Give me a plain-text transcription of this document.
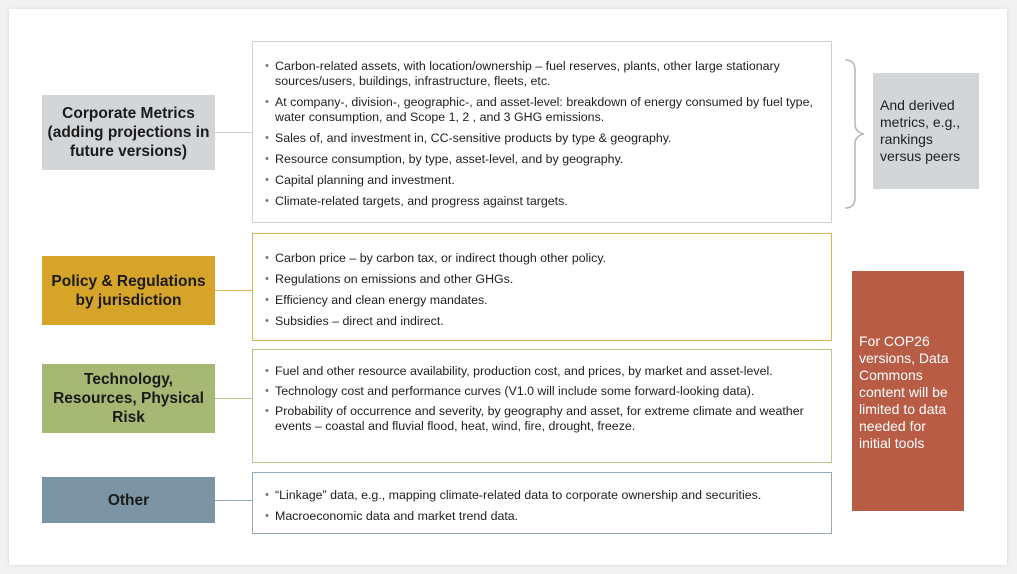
Corporate Metrics (adding projections in future versions)
• Carbon-related assets, with location/ownership – fuel reserves, plants, other large stationary sources/users, buildings, infrastructure, fleets, etc.
• At company-, division-, geographic-, and asset-level: breakdown of energy consumed by fuel type, water consumption, and Scope 1, 2 , and 3 GHG emissions.
• Sales of, and investment in, CC-sensitive products by type & geography.
• Resource consumption, by type, asset-level, and by geography.
• Capital planning and investment.
• Climate-related targets, and progress against targets.
And derived metrics, e.g., rankings versus peers
Policy & Regulations by jurisdiction
• Carbon price – by carbon tax, or indirect though other policy.
• Regulations on emissions and other GHGs.
• Efficiency and clean energy mandates.
• Subsidies – direct and indirect.
Technology, Resources, Physical Risk
• Fuel and other resource availability, production cost, and prices, by market and asset-level.
• Technology cost and performance curves (V1.0 will include some forward-looking data).
• Probability of occurrence and severity, by geography and asset, for extreme climate and weather events – coastal and fluvial flood, heat, wind, fire, drought, freeze.
Other
•	“Linkage” data, e.g., mapping climate-related data to corporate ownership and securities.
• Macroeconomic data and market trend data.
For COP26 versions, Data Commons content will be limited to data needed for initial tools
